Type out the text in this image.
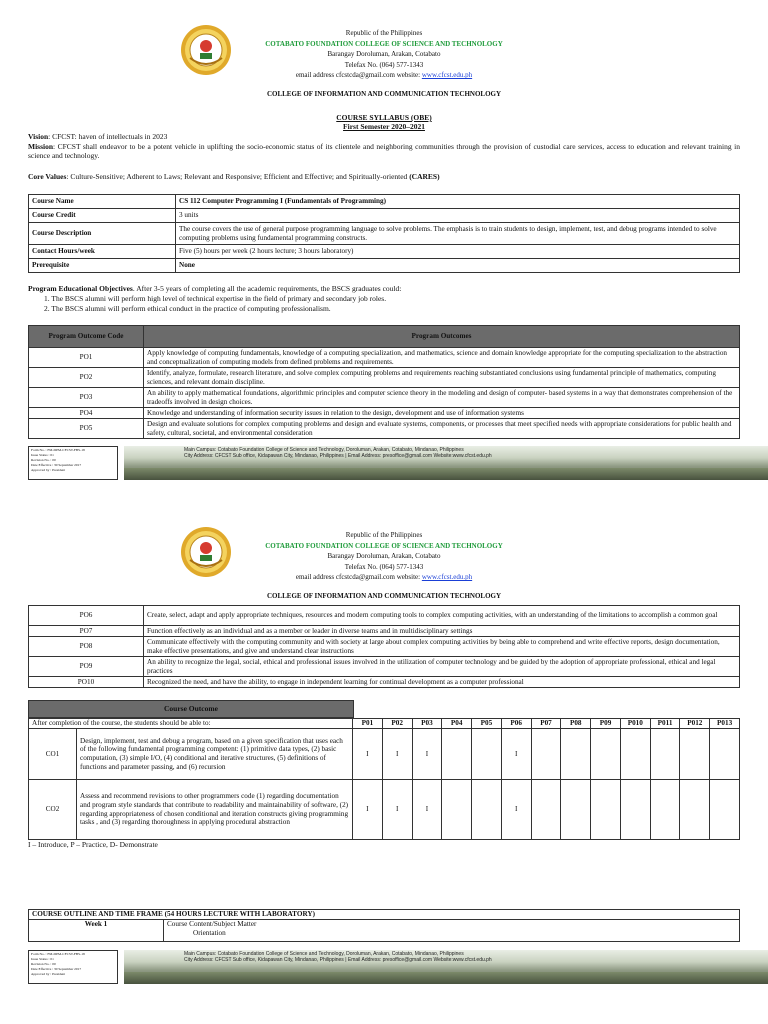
Republic of the Philippines
COTABATO FOUNDATION COLLEGE OF SCIENCE AND TECHNOLOGY
Barangay Doroluman, Arakan, Cotabato
Telefax No. (064) 577-1343
email address cfcstcda@gmail.com website: www.cfcst.edu.ph
COLLEGE OF INFORMATION AND COMMUNICATION TECHNOLOGY
COURSE SYLLABUS (OBE)
First Semester 2020–2021
Vision: CFCST: haven of intellectuals in 2023
Mission: CFCST shall endeavor to be a potent vehicle in uplifting the socio-economic status of its clientele and neighboring communities through the provision of custodial care services, access to education and relevant training in science and technology.
Core Values: Culture-Sensitive; Adherent to Laws; Relevant and Responsive; Efficient and Effective; and Spiritually-oriented (CARES)
Course Name	CS 112 Computer Programming I (Fundamentals of Programming)
Course Credit	3 units
Course Description	The course covers the use of general purpose programming language to solve problems. The emphasis is to train students to design, implement, test, and debug programs intended to solve computing problems using fundamental programming constructs.
Contact Hours/week	Five (5) hours per week (2 hours lecture; 3 hours laboratory)
Prerequisite	None
Program Educational Objectives. After 3-5 years of completing all the academic requirements, the BSCS graduates could:
1. The BSCS alumni will perform high level of technical expertise in the field of primary and secondary job roles.
2. The BSCS alumni will perform ethical conduct in the practice of computing professionalism.
Program Outcome Code	Program Outcomes
PO1	Apply knowledge of computing fundamentals, knowledge of a computing specialization, and mathematics, science and domain knowledge appropriate for the computing specialization to the abstraction and conceptualization of computing models from defined problems and requirements.
PO2	Identify, analyze, formulate, research literature, and solve complex computing problems and requirements reaching substantiated conclusions using fundamental principle of mathematics, computing sciences, and relevant domain discipline.
PO3	An ability to apply mathematical foundations, algorithmic principles and computer science theory in the modeling and design of computer- based systems in a way that demonstrates comprehension of the tradeoffs involved in design choices.
PO4	Knowledge and understanding of information security issues in relation to the design, development and use of information systems
PO5	Design and evaluate solutions for complex computing problems and design and evaluate systems, components, or processes that meet specified needs with appropriate considerations for public health and safety, cultural, societal, and environmental consideration
Form No. : FM-DPM-CFCST-FBS-18
Issue Status : 01
Revision No. : 00
Date Effective : 30 September 2017
Approved by : President
Main Campus: Cotabato Foundation College of Science and Technology, Doroluman, Arakan, Cotabato, Mindanao, Philippines
City Address: CFCST Sub office, Kidapawan City, Mindanao, Philippines | Email Address: presoffice@gmail.com Website:www.cfcst.edu.ph
Republic of the Philippines
COTABATO FOUNDATION COLLEGE OF SCIENCE AND TECHNOLOGY
Barangay Doroluman, Arakan, Cotabato
Telefax No. (064) 577-1343
email address cfcstcda@gmail.com website: www.cfcst.edu.ph
COLLEGE OF INFORMATION AND COMMUNICATION TECHNOLOGY
PO6	Create, select, adapt and apply appropriate techniques, resources and modern computing tools to complex computing activities, with an understanding of the limitations to accomplish a common goal
PO7	Function effectively as an individual and as a member or leader in diverse teams and in multidisciplinary settings
PO8	Communicate effectively with the computing community and with society at large about complex computing activities by being able to comprehend and write effective reports, design documentation, make effective presentations, and give and understand clear instructions
PO9	An ability to recognize the legal, social, ethical and professional issues involved in the utilization of computer technology and be guided by the adoption of appropriate professional, ethical and legal practices
PO10	Recognized the need, and have the ability, to engage in independent learning for continual development as a computer professional
Course Outcome
After completion of the course, the students should be able to:		P01	P02	P03	P04	P05	P06	P07	P08	P09	P010	P011	P012	P013
CO1	Design, implement, test and debug a program, based on a given specification that uses each of the following fundamental programming competent: (1) primitive data types, (2) basic computation, (3) simple I/O, (4) conditional and iterative structures, (5) definitions of functions and parameter passing, and (6) recursion	I	I	I			I							
CO2	Assess and recommend revisions to other programmers code (1) regarding documentation and program style standards that contribute to readability and maintainability of software, (2) regarding appropriateness of chosen conditional and iteration constructs giving programming tasks , and (3) regarding thoroughness in applying procedural abstraction	I	I	I			I							
I – Introduce, P – Practice, D- Demonstrate
COURSE OUTLINE AND TIME FRAME (54 HOURS LECTURE WITH LABORATORY)
Week 1	Course Content/Subject Matter
Orientation
Form No. : FM-DPM-CFCST-FBS-18
Issue Status : 01
Revision No. : 00
Date Effective : 30 September 2017
Approved by : President
Main Campus: Cotabato Foundation College of Science and Technology, Doroluman, Arakan, Cotabato, Mindanao, Philippines
City Address: CFCST Sub office, Kidapawan City, Mindanao, Philippines | Email Address: presoffice@gmail.com Website:www.cfcst.edu.ph
